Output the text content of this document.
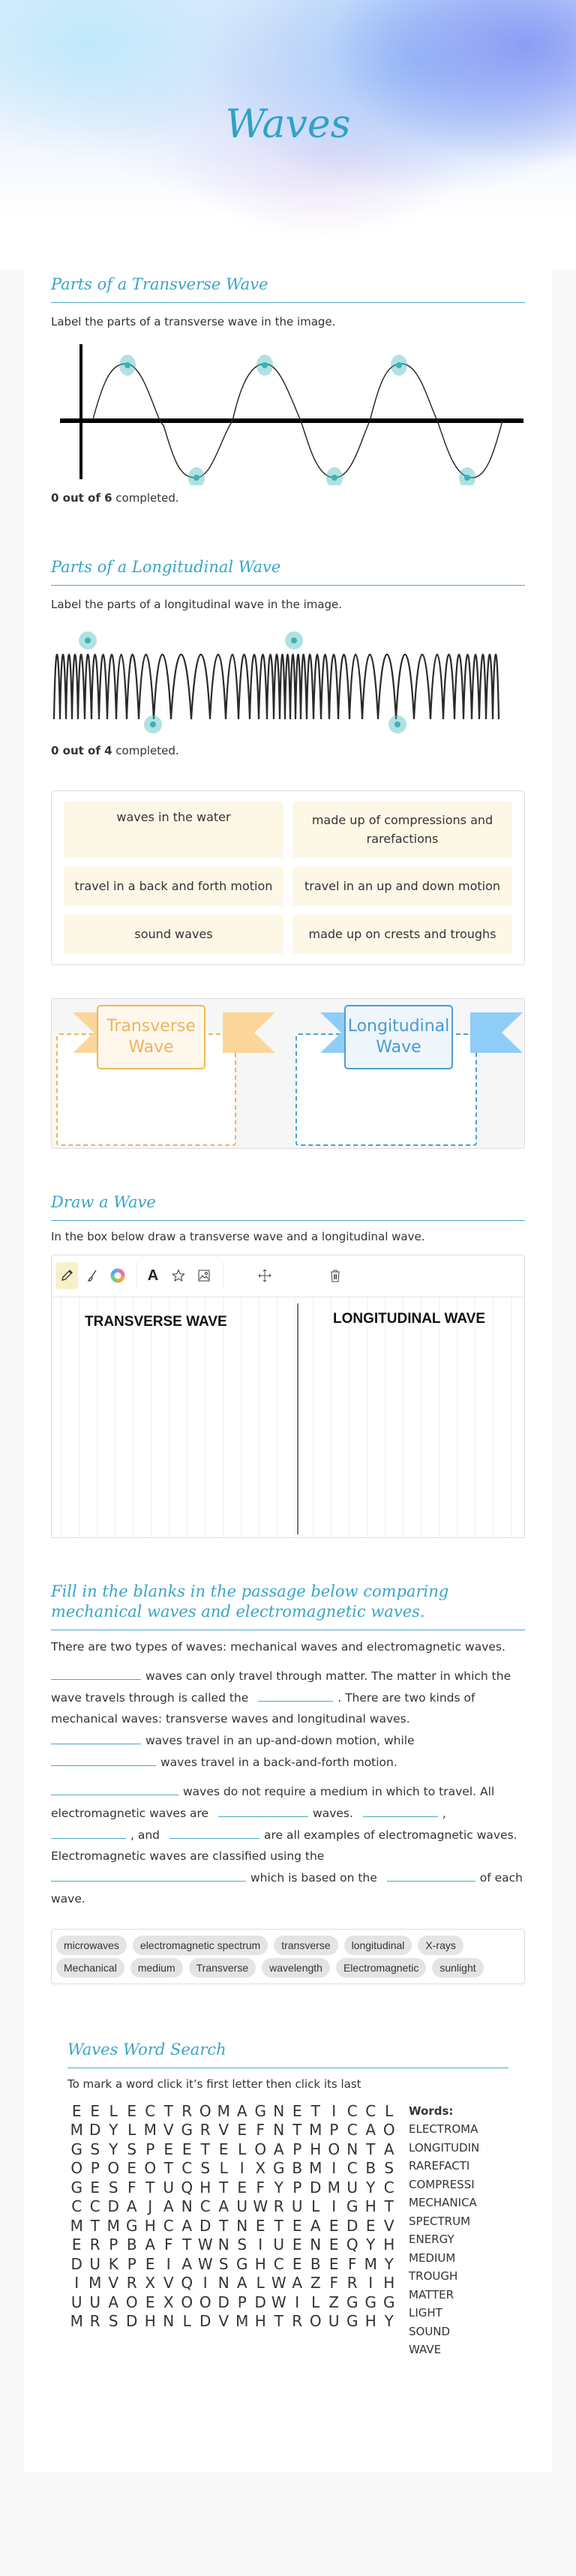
Waves
Parts of a Transverse Wave
Label the parts of a transverse wave in the image.
0 out of 6 completed.
Parts of a Longitudinal Wave
Label the parts of a longitudinal wave in the image.
0 out of 4 completed.
waves in the water	made up of compressions and rarefactions
travel in a back and forth motion	travel in an up and down motion
sound waves	made up on crests and troughs
Transverse
Wave
Longitudinal
Wave
Draw a Wave
In the box below draw a transverse wave and a longitudinal wave.
A
TRANSVERSE WAVE	LONGITUDINAL WAVE
Fill in the blanks in the passage below comparing mechanical waves and electromagnetic waves.
There are two types of waves: mechanical waves and electromagnetic waves.
waves can only travel through matter. The matter in which the wave travels through is called the	. There are two kinds of mechanical waves: transverse waves and longitudinal waves.
waves travel in an up-and-down motion, while
waves travel in a back-and-forth motion.
waves do not require a medium in which to travel. All electromagnetic waves are	waves.	,
, and	are all examples of electromagnetic waves. Electromagnetic waves are classified using the
which is based on the	of each wave.
microwaves	electromagnetic spectrum	transverse	longitudinal	X-rays
Mechanical	medium	Transverse	wavelength	Electromagnetic	sunlight
Waves Word Search
To mark a word click it’s first letter then click its last
E E L E C T R O M A G N E T I C C L
M D Y L M V G R V E F N T M P C A O
G S Y S P E E T E L O A P H O N T A
O P O E O T C S L I X G B M I C B S
G E S F T U Q H T E F Y P D M U Y C
C C D A J A N C A U W R U L I G H T
M T M G H C A D T N E T E A E D E V
E R P B A F T W N S I U E N E Q Y H
D U K P E I A W S G H C E B E F M Y
I M V R X V Q I N A L W A Z F R I H
U U A O E X O O D P D W I L Z G G G
M R S D H N L D V M H T R O U G H Y
Words:
ELECTROMA
LONGITUDIN
RAREFACTI
COMPRESSI
MECHANICA
SPECTRUM
ENERGY
MEDIUM
TROUGH
MATTER
LIGHT
SOUND
WAVE
